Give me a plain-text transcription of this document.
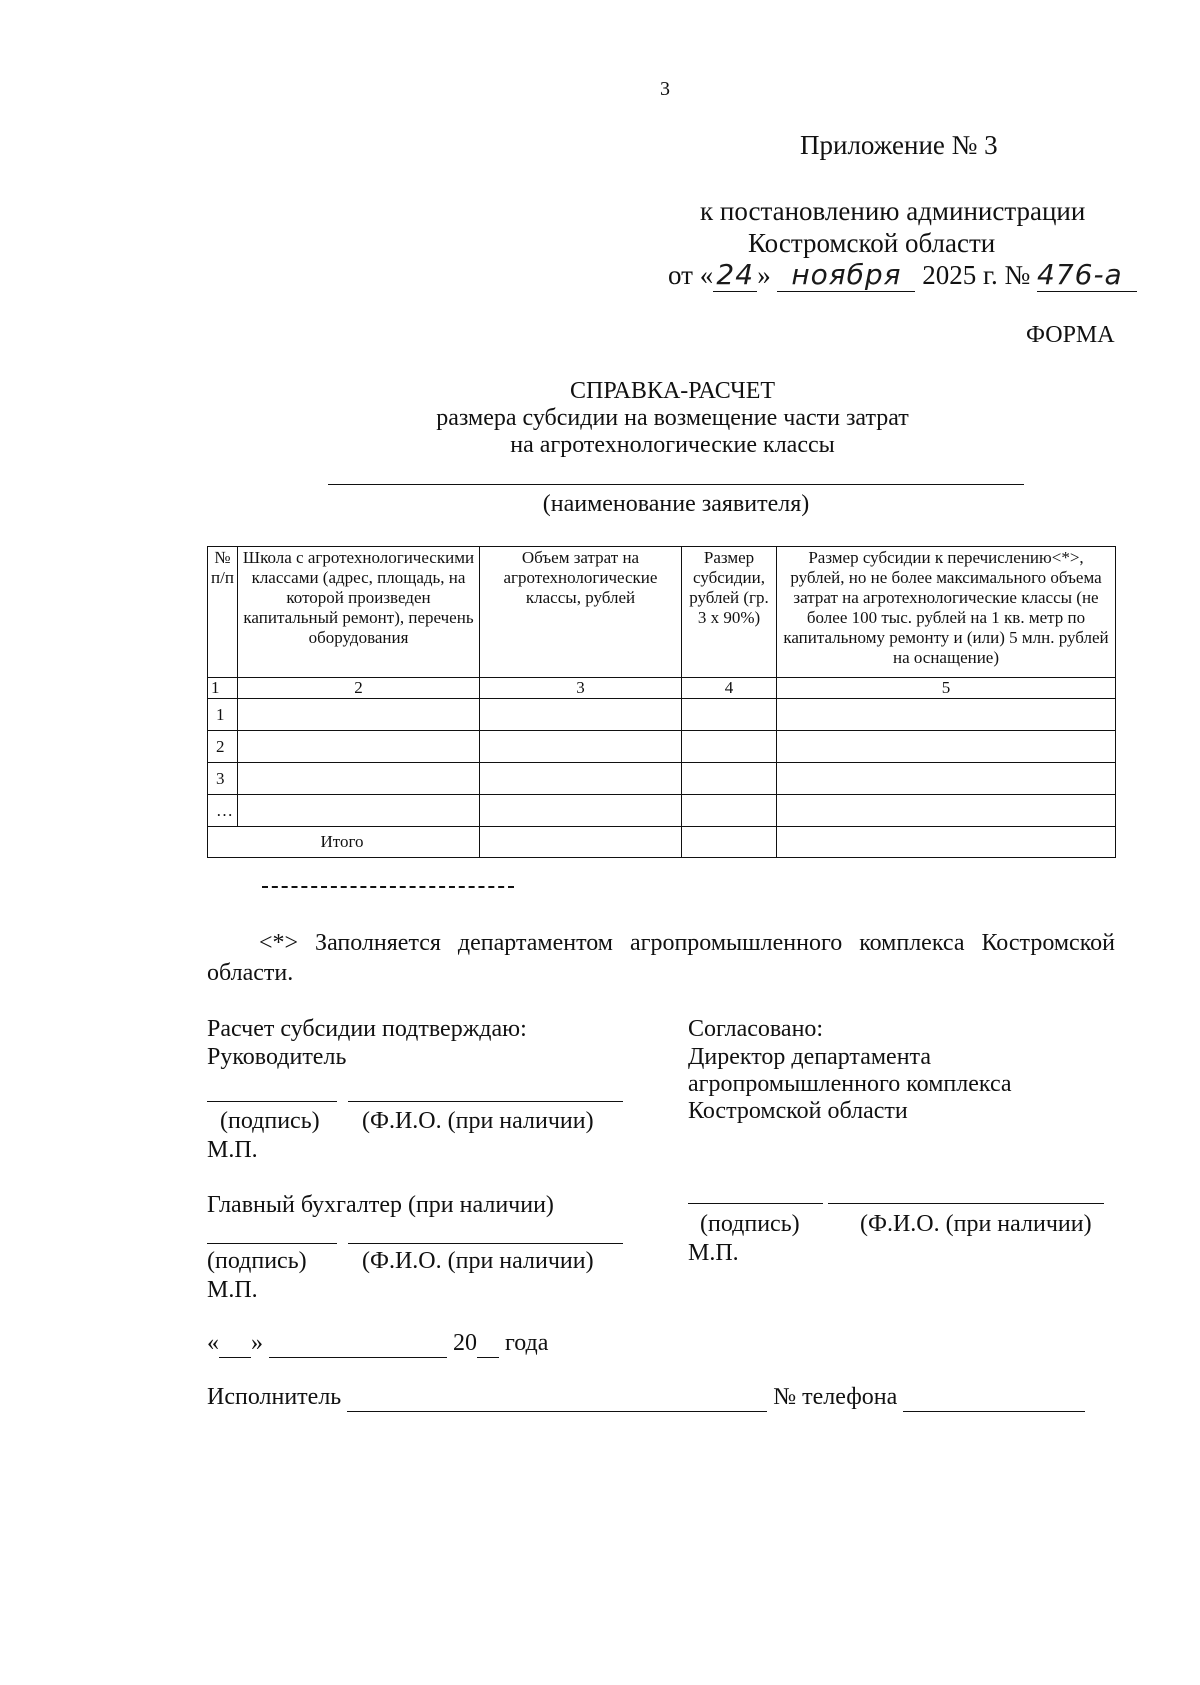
3
Приложение № 3
к постановлению администрации
Костромской области
от « 24 » ноября 2025 г. № 476-а
ФОРМА
СПРАВКА-РАСЧЕТ
размера субсидии на возмещение части затрат
на агротехнологические классы
(наименование заявителя)
№ п/п	Школа с агротехнологическими классами (адрес, площадь, на которой произведен капитальный ремонт), перечень оборудования	Объем затрат на агротехнологические классы, рублей	Размер субсидии, рублей (гр. 3 х 90%)	Размер субсидии к перечислению<*>, рублей, но не более максимального объема затрат на агротехнологические классы (не более 100 тыс. рублей на 1 кв. метр по капитальному ремонту и (или) 5 млн. рублей на оснащение)
1	2	3	4	5
1				
2				
3				
…				
Итого				
<*> Заполняется департаментом агропромышленного комплекса Костромской области.
Расчет субсидии подтверждаю:
Руководитель
(подпись) (Ф.И.О. (при наличии)
М.П.
Главный бухгалтер (при наличии)
(подпись) (Ф.И.О. (при наличии)
М.П.
Согласовано:
Директор департамента
агропромышленного комплекса
Костромской области
(подпись)	(Ф.И.О. (при наличии)
М.П.
« »	20 года
Исполнитель	№ телефона
